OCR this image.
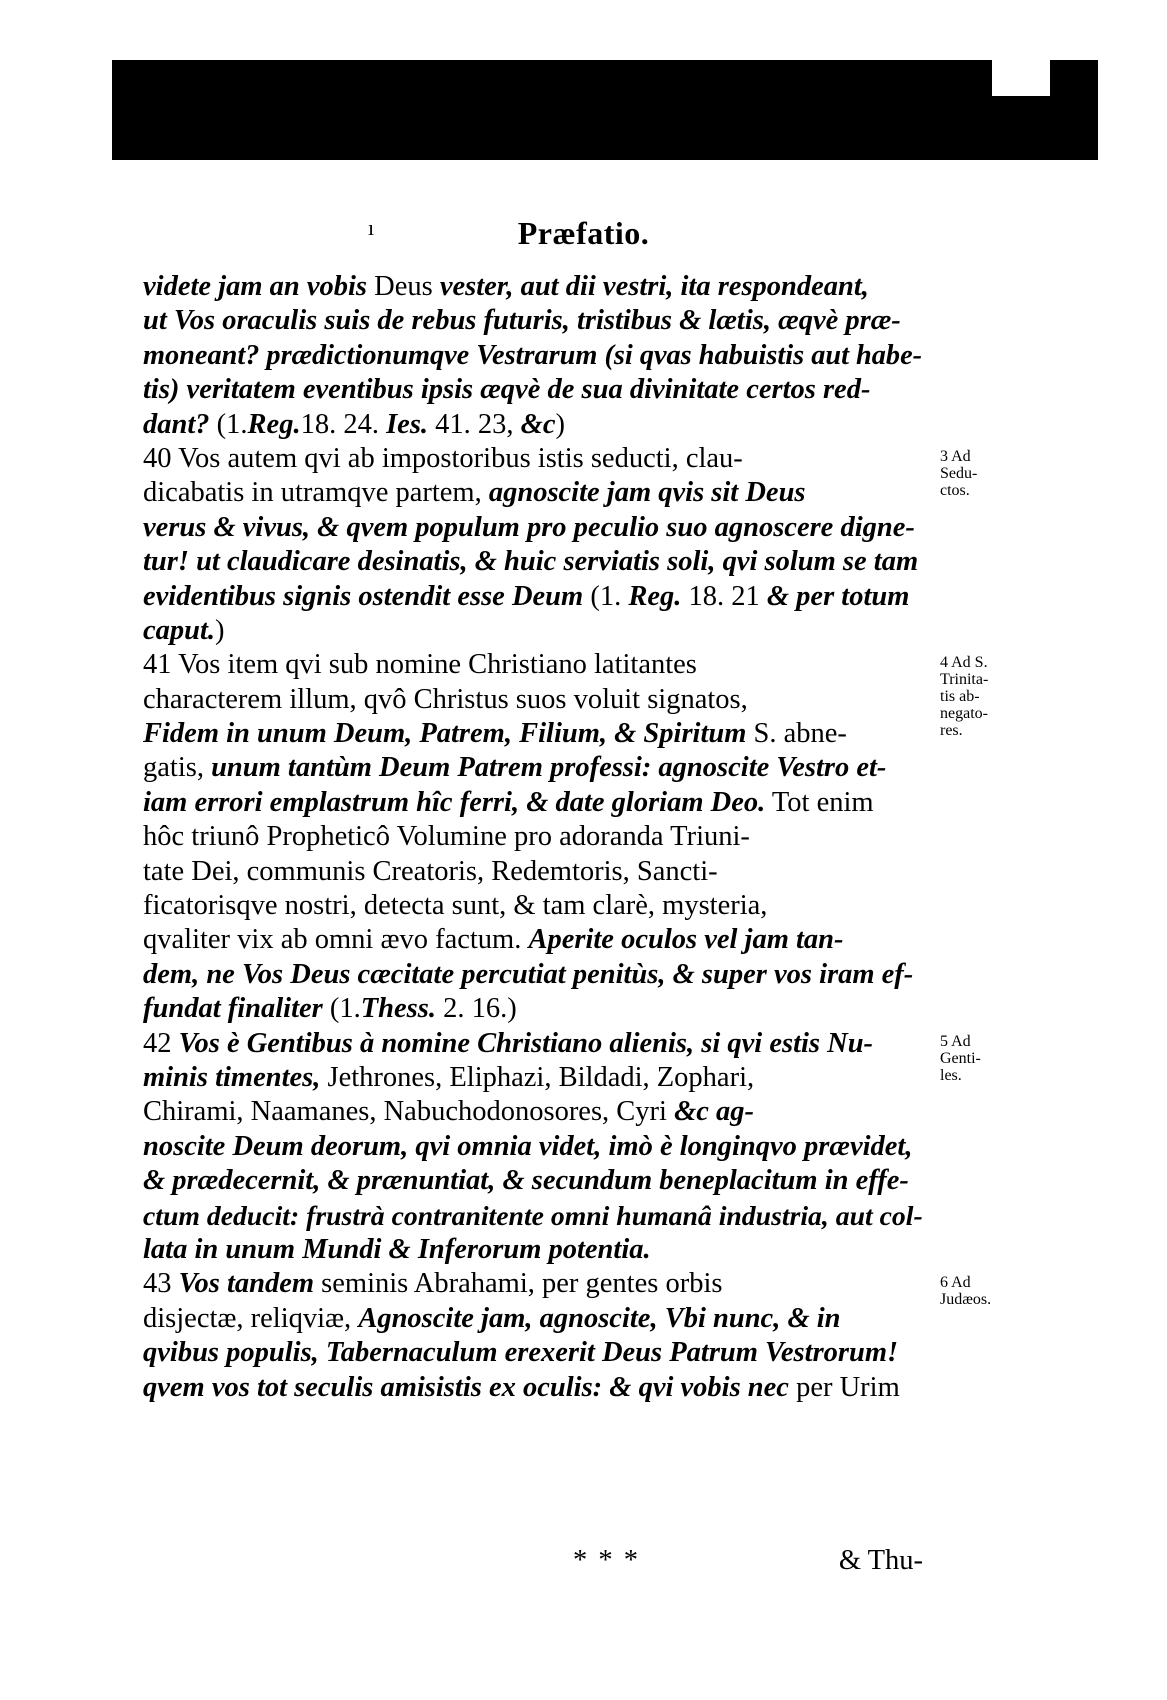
ı	Præfatio.
videte jam an vobis Deus vester, aut dii vestri, ita respondeant,
ut Vos oraculis suis de rebus futuris, tristibus & lætis, æqvè præ-
moneant? prædictionumqve Vestrarum (si qvas habuistis aut habe-
tis) veritatem eventibus ipsis æqvè de sua divinitate certos red-
dant? (1.Reg.18. 24. Ies. 41. 23, &c)
40 Vos autem qvi ab impostoribus istis seducti, clau-
dicabatis in utramqve partem, agnoscite jam qvis sit Deus
verus & vivus, & qvem populum pro peculio suo agnoscere digne-
tur! ut claudicare desinatis, & huic serviatis soli, qvi solum se tam
evidentibus signis ostendit esse Deum (1. Reg. 18. 21 & per totum
caput.)
41 Vos item qvi sub nomine Christiano latitantes
characterem illum, qvô Christus suos voluit signatos,
Fidem in unum Deum, Patrem, Filium, & Spiritum S. abne-
gatis, unum tantùm Deum Patrem professi: agnoscite Vestro et-
iam errori emplastrum hîc ferri, & date gloriam Deo. Tot enim
hôc triunô Propheticô Volumine pro adoranda Triuni-
tate Dei, communis Creatoris, Redemtoris, Sancti-
ficatorisqve nostri, detecta sunt, & tam clarè, mysteria,
qvaliter vix ab omni ævo factum. Aperite oculos vel jam tan-
dem, ne Vos Deus cæcitate percutiat penitùs, & super vos iram ef-
fundat finaliter (1.Thess. 2. 16.)
42 Vos è Gentibus à nomine Christiano alienis, si qvi estis Nu-
minis timentes, Jethrones, Eliphazi, Bildadi, Zophari,
Chirami, Naamanes, Nabuchodonosores, Cyri &c ag-
noscite Deum deorum, qvi omnia videt, imò è longinqvo prævidet,
& prædecernit, & prænuntiat, & secundum beneplacitum in effe-
ctum deducit: frustrà contranitente omni humanâ industria, aut col-
lata in unum Mundi & Inferorum potentia.
43 Vos tandem seminis Abrahami, per gentes orbis
disjectæ, reliqviæ, Agnoscite jam, agnoscite, Vbi nunc, & in
qvibus populis, Tabernaculum erexerit Deus Patrum Vestrorum!
qvem vos tot seculis amisistis ex oculis: & qvi vobis nec per Urim
3 Ad
Sedu-
ctos.
4 Ad S.
Trinita-
tis ab-
negato-
res.
5 Ad
Genti-
les.
6 Ad
Judæos.
* * *	& Thu-
